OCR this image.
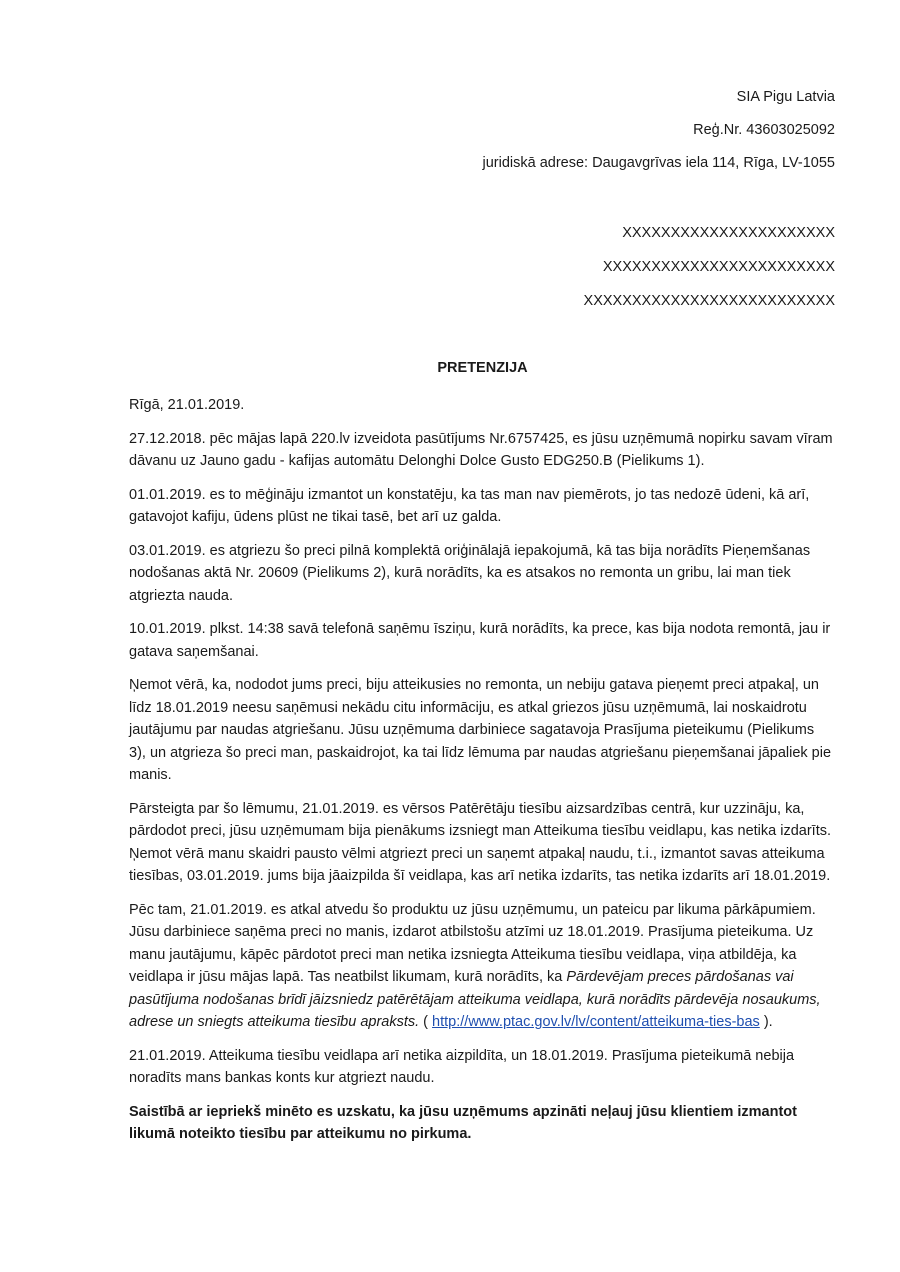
SIA Pigu Latvia
Reģ.Nr. 43603025092
juridiskā adrese: Daugavgrīvas iela 114, Rīga, LV-1055
XXXXXXXXXXXXXXXXXXXXXX
XXXXXXXXXXXXXXXXXXXXXXXX
XXXXXXXXXXXXXXXXXXXXXXXXXX
PRETENZIJA

Rīgā, 21.01.2019.

27.12.2018. pēc mājas lapā 220.lv izveidota pasūtījums Nr.6757425, es jūsu uzņēmumā nopirku savam vīram dāvanu uz Jauno gadu - kafijas automātu Delonghi Dolce Gusto EDG250.B (Pielikums 1).

01.01.2019. es to mēģināju izmantot un konstatēju, ka tas man nav piemērots, jo tas nedozē ūdeni, kā arī, gatavojot kafiju, ūdens plūst ne tikai tasē, bet arī uz galda.

03.01.2019. es atgriezu šo preci pilnā komplektā oriģinālajā iepakojumā, kā tas bija norādīts Pieņemšanas nodošanas aktā Nr. 20609 (Pielikums 2), kurā norādīts, ka es atsakos no remonta un gribu, lai man tiek atgriezta nauda.

10.01.2019. plkst. 14:38 savā telefonā saņēmu īsziņu, kurā norādīts, ka prece, kas bija nodota remontā, jau ir gatava saņemšanai.

Ņemot vērā, ka, nododot jums preci, biju atteikusies no remonta, un nebiju gatava pieņemt preci atpakaļ, un līdz 18.01.2019 neesu saņēmusi nekādu citu informāciju, es atkal griezos jūsu uzņēmumā, lai noskaidrotu jautājumu par naudas atgriešanu. Jūsu uzņēmuma darbiniece sagatavoja Prasījuma pieteikumu (Pielikums 3), un atgrieza šo preci man, paskaidrojot, ka tai līdz lēmuma par naudas atgriešanu pieņemšanai jāpaliek pie manis.

Pārsteigta par šo lēmumu, 21.01.2019. es vērsos Patērētāju tiesību aizsardzības centrā, kur uzzināju, ka, pārdodot preci, jūsu uzņēmumam bija pienākums izsniegt man Atteikuma tiesību veidlapu, kas netika izdarīts. Ņemot vērā manu skaidri pausto vēlmi atgriezt preci un saņemt atpakaļ naudu, t.i., izmantot savas atteikuma tiesības, 03.01.2019. jums bija jāaizpilda šī veidlapa, kas arī netika izdarīts, tas netika izdarīts arī 18.01.2019.

Pēc tam, 21.01.2019. es atkal atvedu šo produktu uz jūsu uzņēmumu, un pateicu par likuma pārkāpumiem. Jūsu darbiniece saņēma preci no manis, izdarot atbilstošu atzīmi uz 18.01.2019. Prasījuma pieteikuma. Uz manu jautājumu, kāpēc pārdotot preci man netika izsniegta Atteikuma tiesību veidlapa, viņa atbildēja, ka veidlapa ir jūsu mājas lapā. Tas neatbilst likumam, kurā norādīts, ka Pārdevējam preces pārdošanas vai pasūtījuma nodošanas brīdī jāizsniedz patērētājam atteikuma veidlapa, kurā norādīts pārdevēja nosaukums, adrese un sniegts atteikuma tiesību apraksts. ( http://www.ptac.gov.lv/lv/content/atteikuma-ties-bas ).

21.01.2019. Atteikuma tiesību veidlapa arī netika aizpildīta, un 18.01.2019. Prasījuma pieteikumā nebija noradīts mans bankas konts kur atgriezt naudu.

Saistībā ar iepriekš minēto es uzskatu, ka jūsu uzņēmums apzināti neļauj jūsu klientiem izmantot likumā noteikto tiesību par atteikumu no pirkuma.
